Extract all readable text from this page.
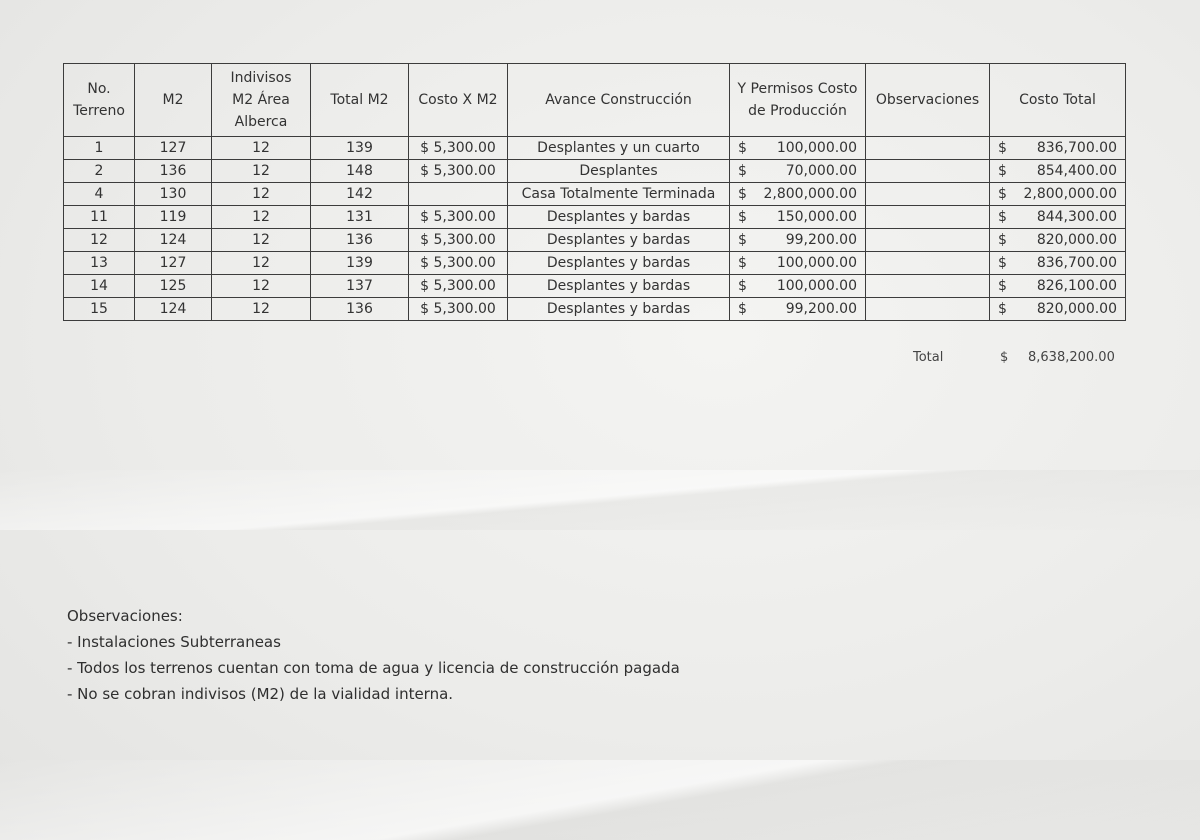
No.
Terreno	M2	Indivisos
M2 Área
Alberca	Total M2	Costo X M2	Avance Construcción	Y Permisos Costo
de Producción	Observaciones	Costo Total
1	127	12	139	$ 5,300.00	Desplantes y un cuarto	$ 100,000.00		$ 836,700.00

2	136	12	148	$ 5,300.00	Desplantes	$ 70,000.00		$ 854,400.00

4	130	12	142		Casa Totalmente Terminada	$ 2,800,000.00		$ 2,800,000.00

11	119	12	131	$ 5,300.00	Desplantes y bardas	$ 150,000.00		$ 844,300.00

12	124	12	136	$ 5,300.00	Desplantes y bardas	$ 99,200.00		$ 820,000.00

13	127	12	139	$ 5,300.00	Desplantes y bardas	$ 100,000.00		$ 836,700.00

14	125	12	137	$ 5,300.00	Desplantes y bardas	$ 100,000.00		$ 826,100.00

15	124	12	136	$ 5,300.00	Desplantes y bardas	$ 99,200.00		$ 820,000.00
Total	$	8,638,200.00
Observaciones:
- Instalaciones Subterraneas
- Todos los terrenos cuentan con toma de agua y licencia de construcción pagada
- No se cobran indivisos (M2) de la vialidad interna.
